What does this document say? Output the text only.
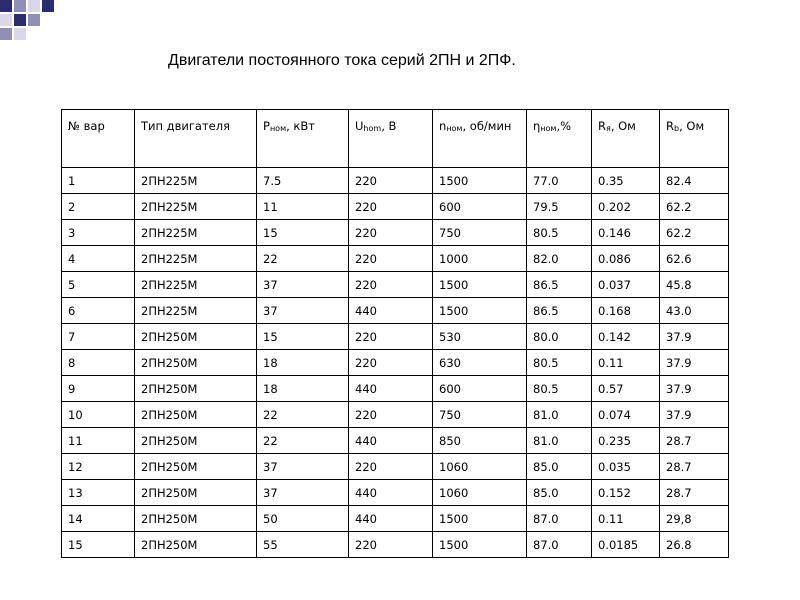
Двигатели постоянного тока серий 2ПН и 2ПФ.
№ вар	Тип двигателя	$P_{ном}$, кВт	$U_{hom}$, B	$n_{ном}$, об/мин	$\eta_{ном},\%$	$R_я$, Ом	$R_b$, Ом
1	2ПН225М	7.5	220	1500	77.0	0.35	82.4
2	2ПН225М	11	220	600	79.5	0.202	62.2
3	2ПН225М	15	220	750	80.5	0.146	62.2
4	2ПН225М	22	220	1000	82.0	0.086	62.6
5	2ПН225М	37	220	1500	86.5	0.037	45.8
6	2ПН225М	37	440	1500	86.5	0.168	43.0
7	2ПН250М	15	220	530	80.0	0.142	37.9
8	2ПН250М	18	220	630	80.5	0.11	37.9
9	2ПН250М	18	440	600	80.5	0.57	37.9
10	2ПН250М	22	220	750	81.0	0.074	37.9
11	2ПН250М	22	440	850	81.0	0.235	28.7
12	2ПН250М	37	220	1060	85.0	0.035	28.7
13	2ПН250М	37	440	1060	85.0	0.152	28.7
14	2ПН250М	50	440	1500	87.0	0.11	29,8
15	2ПН250М	55	220	1500	87.0	0.0185	26.8
